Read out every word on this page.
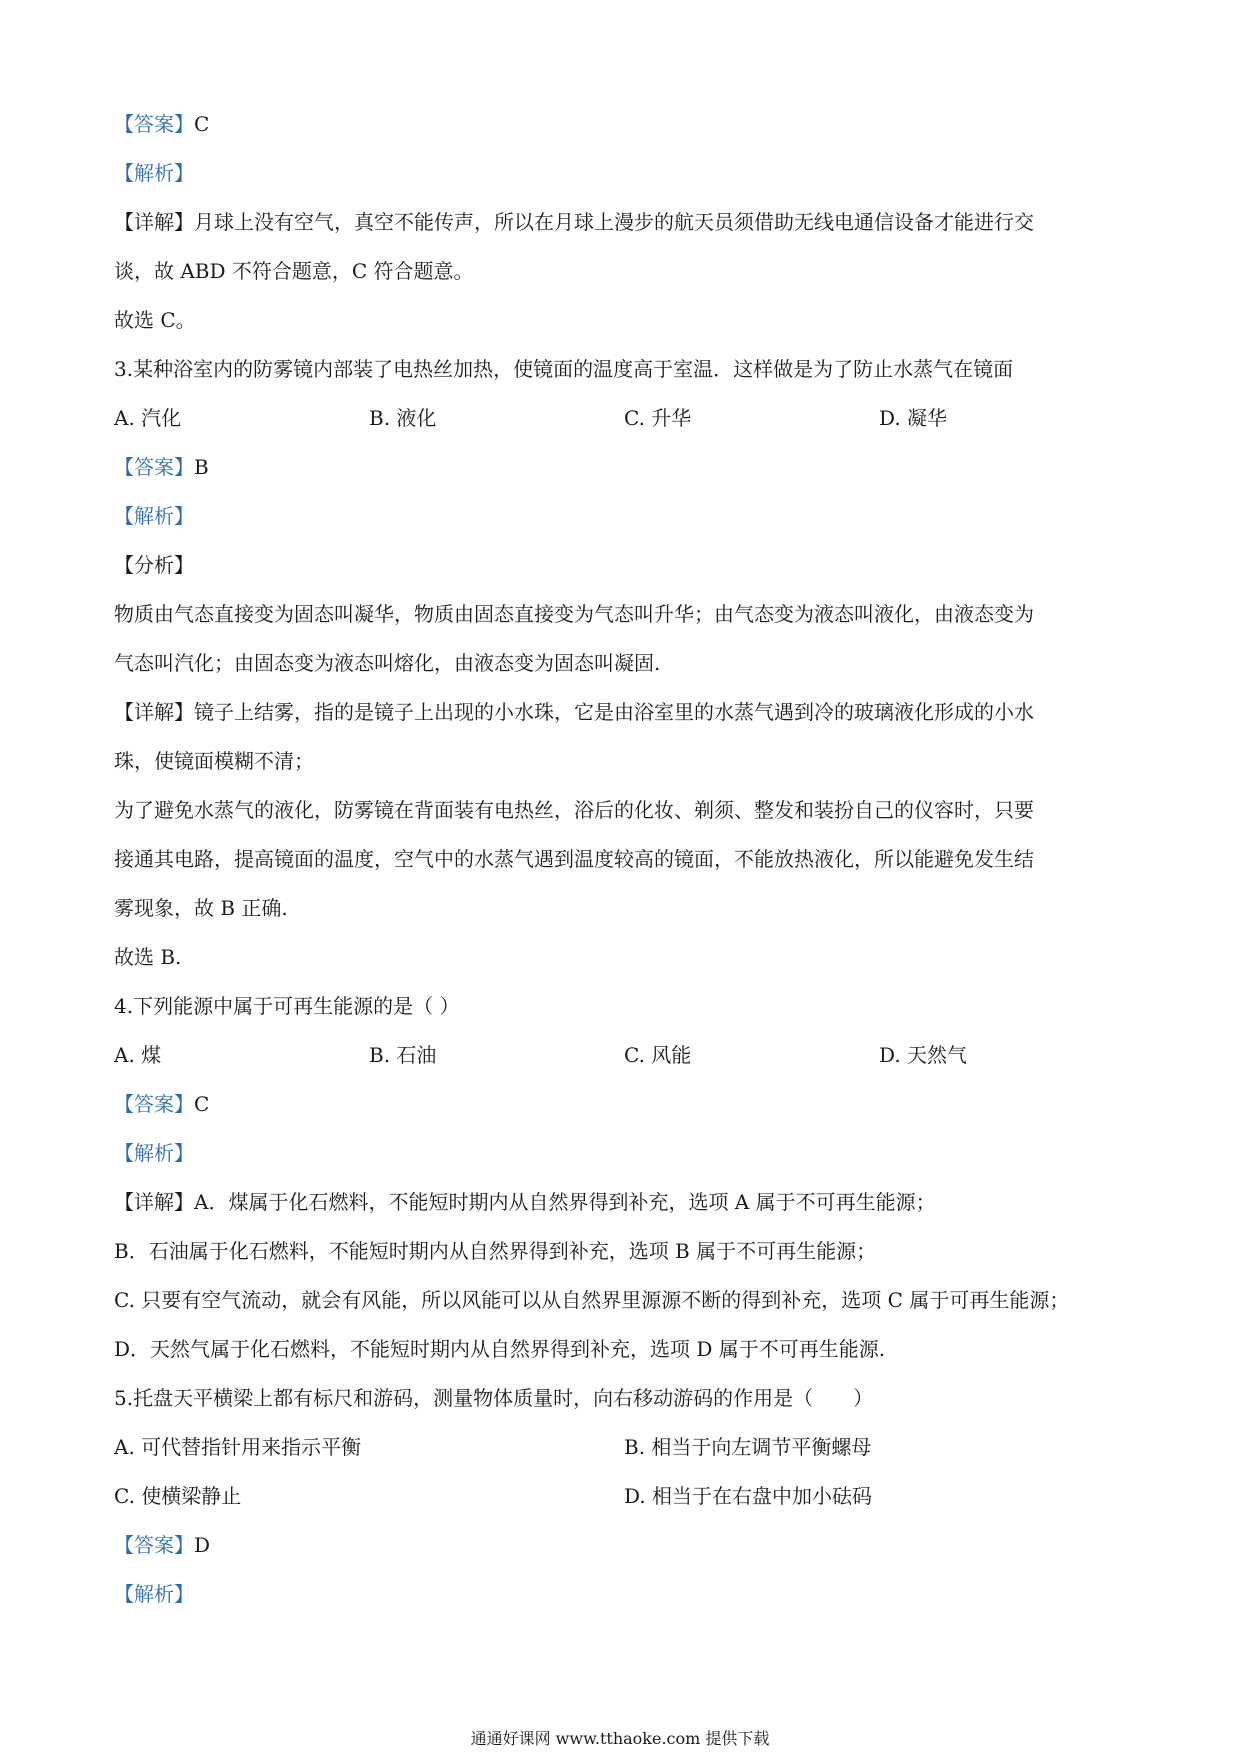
【答案】C
【解析】
【详解】月球上没有空气，真空不能传声，所以在月球上漫步的航天员须借助无线电通信设备才能进行交
谈，故 ABD 不符合题意，C 符合题意。
故选 C。
3.某种浴室内的防雾镜内部装了电热丝加热，使镜面的温度高于室温．这样做是为了防止水蒸气在镜面
A. 汽化	B. 液化	C. 升华	D. 凝华
【答案】B
【解析】
【分析】
物质由气态直接变为固态叫凝华，物质由固态直接变为气态叫升华；由气态变为液态叫液化，由液态变为
气态叫汽化；由固态变为液态叫熔化，由液态变为固态叫凝固.
【详解】镜子上结雾，指的是镜子上出现的小水珠，它是由浴室里的水蒸气遇到冷的玻璃液化形成的小水
珠，使镜面模糊不清；
为了避免水蒸气的液化，防雾镜在背面装有电热丝，浴后的化妆、剃须、整发和装扮自己的仪容时，只要
接通其电路，提高镜面的温度，空气中的水蒸气遇到温度较高的镜面，不能放热液化，所以能避免发生结
雾现象，故 B 正确.
故选 B.
4.下列能源中属于可再生能源的是（ ）
A. 煤	B. 石油	C. 风能	D. 天然气
【答案】C
【解析】
【详解】A．煤属于化石燃料，不能短时期内从自然界得到补充，选项 A 属于不可再生能源；
B．石油属于化石燃料，不能短时期内从自然界得到补充，选项 B 属于不可再生能源；
C. 只要有空气流动，就会有风能，所以风能可以从自然界里源源不断的得到补充，选项 C 属于可再生能源；
D．天然气属于化石燃料，不能短时期内从自然界得到补充，选项 D 属于不可再生能源.
5.托盘天平横梁上都有标尺和游码，测量物体质量时，向右移动游码的作用是（　　）
A. 可代替指针用来指示平衡	B. 相当于向左调节平衡螺母
C. 使横梁静止	D. 相当于在右盘中加小砝码
【答案】D
【解析】
通通好课网 www.tthaoke.com 提供下载
